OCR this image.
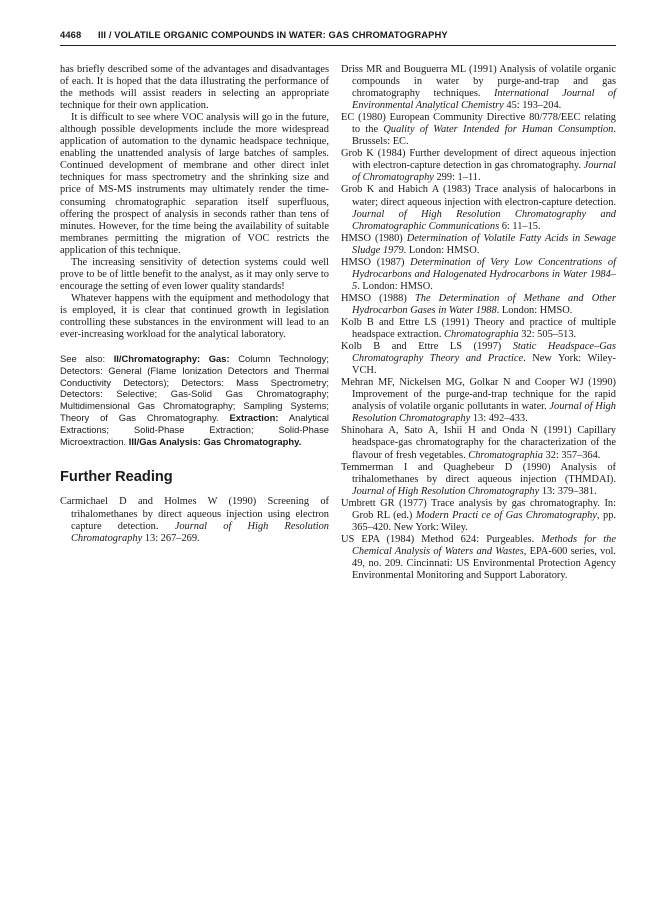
4468 III / VOLATILE ORGANIC COMPOUNDS IN WATER: GAS CHROMATOGRAPHY

has briefly described some of the advantages and disadvantages of each. It is hoped that the data illustrating the performance of the methods will assist readers in selecting an appropriate technique for their own application.

It is difficult to see where VOC analysis will go in the future, although possible developments include the more widespread application of automation to the dynamic headspace technique, enabling the unattended analysis of large batches of samples. Continued development of membrane and other direct inlet techniques for mass spectrometry and the shrinking size and price of MS-MS instruments may ultimately render the time-consuming chromatographic separation itself superfluous, offering the prospect of analysis in seconds rather than tens of minutes. However, for the time being the availability of suitable membranes permitting the migration of VOC restricts the application of this technique.

The increasing sensitivity of detection systems could well prove to be of little benefit to the analyst, as it may only serve to encourage the setting of even lower quality standards!

Whatever happens with the equipment and methodology that is employed, it is clear that continued growth in legislation controlling these substances in the environment will lead to an ever-increasing workload for the analytical laboratory.

See also: II/Chromatography: Gas: Column Technology; Detectors: General (Flame Ionization Detectors and Thermal Conductivity Detectors); Detectors: Mass Spectrometry; Detectors: Selective; Gas-Solid Gas Chromatography; Multidimensional Gas Chromatography; Sampling Systems; Theory of Gas Chromatography. Extraction: Analytical Extractions; Solid-Phase Extraction; Solid-Phase Microextraction. III/Gas Analysis: Gas Chromatography.

Further Reading

Carmichael D and Holmes W (1990) Screening of trihalomethanes by direct aqueous injection using electron capture detection. Journal of High Resolution Chromatography 13: 267–269.

Driss MR and Bouguerra ML (1991) Analysis of volatile organic compounds in water by purge-and-trap and gas chromatography techniques. International Journal of Environmental Analytical Chemistry 45: 193–204.

EC (1980) European Community Directive 80/778/EEC relating to the Quality of Water Intended for Human Consumption. Brussels: EC.

Grob K (1984) Further development of direct aqueous injection with electron-capture detection in gas chromatography. Journal of Chromatography 299: 1–11.

Grob K and Habich A (1983) Trace analysis of halocarbons in water; direct aqueous injection with electron-capture detection. Journal of High Resolution Chromatography and Chromatographic Communications 6: 11–15.

HMSO (1980) Determination of Volatile Fatty Acids in Sewage Sludge 1979. London: HMSO.

HMSO (1987) Determination of Very Low Concentrations of Hydrocarbons and Halogenated Hydrocarbons in Water 1984–5. London: HMSO.

HMSO (1988) The Determination of Methane and Other Hydrocarbon Gases in Water 1988. London: HMSO.

Kolb B and Ettre LS (1991) Theory and practice of multiple headspace extraction. Chromatographia 32: 505–513.

Kolb B and Ettre LS (1997) Static Headspace–Gas Chromatography Theory and Practice. New York: Wiley-VCH.

Mehran MF, Nickelsen MG, Golkar N and Cooper WJ (1990) Improvement of the purge-and-trap technique for the rapid analysis of volatile organic pollutants in water. Journal of High Resolution Chromatography 13: 492–433.

Shinohara A, Sato A, Ishii H and Onda N (1991) Capillary headspace-gas chromatography for the characterization of the flavour of fresh vegetables. Chromatographia 32: 357–364.

Temmerman I and Quaghebeur D (1990) Analysis of trihalomethanes by direct aqueous injection (THMDAI). Journal of High Resolution Chromatography 13: 379–381.

Umbrett GR (1977) Trace analysis by gas chromatography. In: Grob RL (ed.) Modern Practi ce of Gas Chromatography, pp. 365–420. New York: Wiley.

US EPA (1984) Method 624: Purgeables. Methods for the Chemical Analysis of Waters and Wastes, EPA-600 series, vol. 49, no. 209. Cincinnati: US Environmental Protection Agency Environmental Monitoring and Support Laboratory.
